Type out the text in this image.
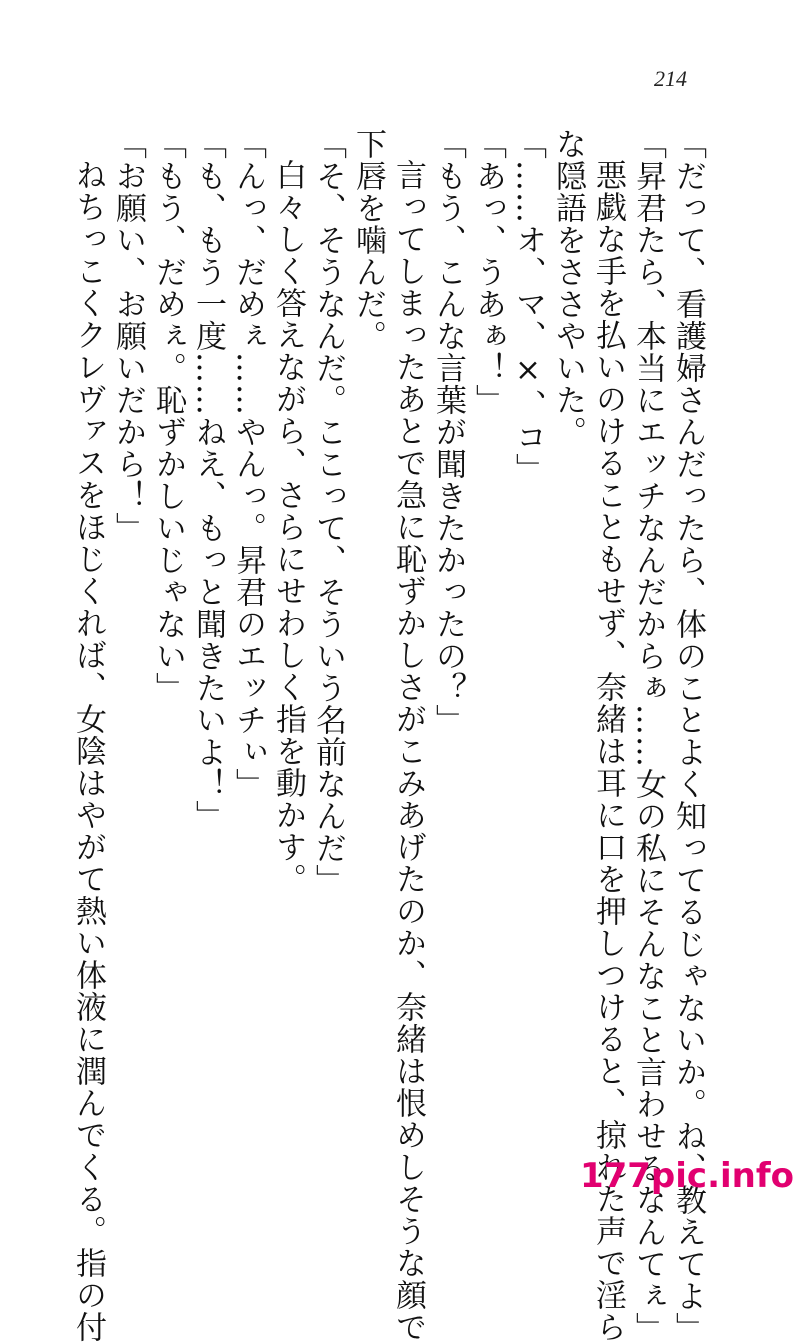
214
「だって、看護婦さんだったら、体のことよく知ってるじゃないか。ね、教えてよ」
「昇君たら、本当にエッチなんだからぁ……女の私にそんなこと言わせるなんてぇ」
悪戯な手を払いのけることもせず、奈緒は耳に口を押しつけると、掠れた声で淫ら
な隠語をささやいた。
「……オ、マ、×、コ」
「あっ、うあぁ！」
「もう、こんな言葉が聞きたかったの？」
言ってしまったあとで急に恥ずかしさがこみあげたのか、奈緒は恨めしそうな顔で
下唇を噛んだ。
「そ、そうなんだ。ここって、そういう名前なんだ」
白々しく答えながら、さらにせわしく指を動かす。
「んっ、だめぇ……やんっ。昇君のエッチぃ」
「も、もう一度……ねえ、もっと聞きたいよ！」
「もう、だめぇ。恥ずかしいじゃない」
「お願い、お願いだから！」
ねちっこくクレヴァスをほじくれば、女陰はやがて熱い体液に潤んでくる。指の付	177pic.info
